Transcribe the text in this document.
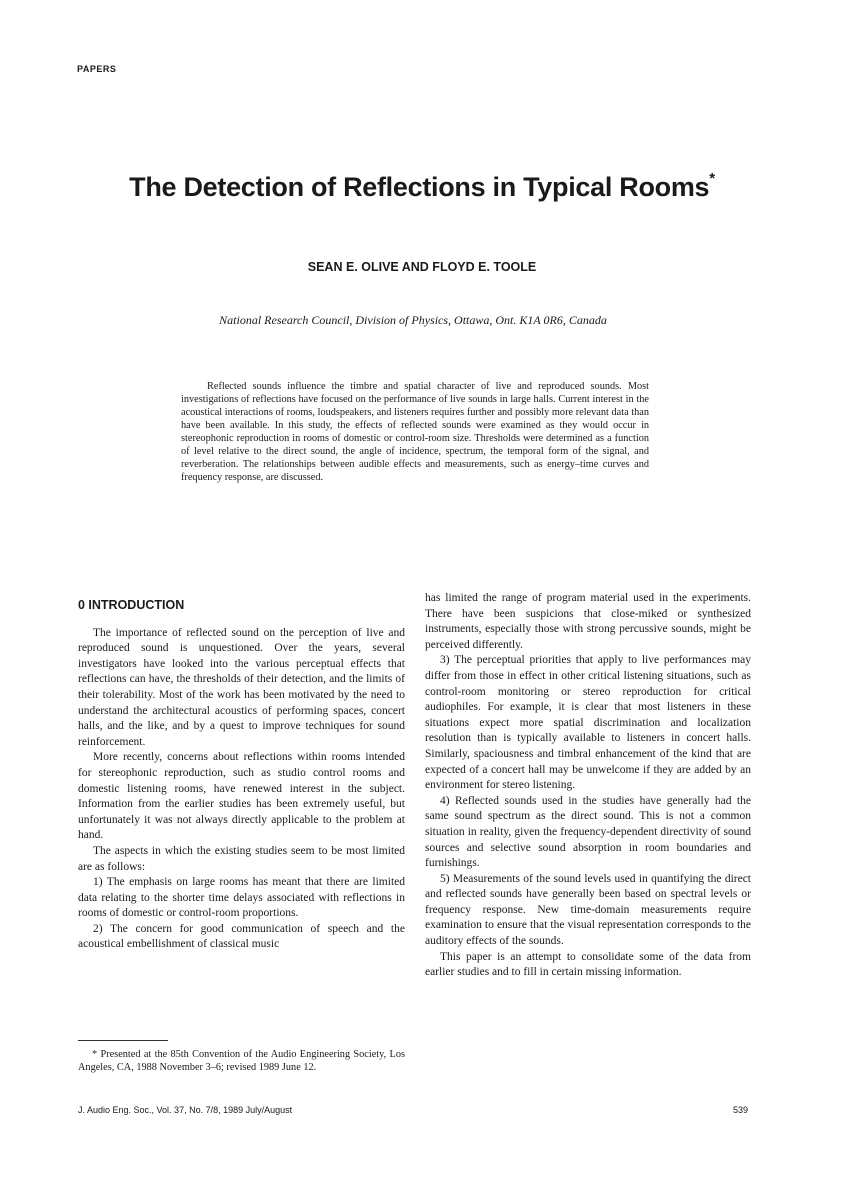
PAPERS
The Detection of Reflections in Typical Rooms*
SEAN E. OLIVE AND FLOYD E. TOOLE
National Research Council, Division of Physics, Ottawa, Ont. K1A 0R6, Canada

Reflected sounds influence the timbre and spatial character of live and reproduced sounds. Most investigations of reflections have focused on the performance of live sounds in large halls. Current interest in the acoustical interactions of rooms, loudspeakers, and listeners requires further and possibly more relevant data than have been available. In this study, the effects of reflected sounds were examined as they would occur in stereophonic reproduction in rooms of domestic or control-room size. Thresholds were determined as a function of level relative to the direct sound, the angle of incidence, spectrum, the temporal form of the signal, and reverberation. The relationships between audible effects and measurements, such as energy–time curves and frequency response, are discussed.

0 INTRODUCTION

The importance of reflected sound on the perception of live and reproduced sound is unquestioned. Over the years, several investigators have looked into the various perceptual effects that reflections can have, the thresholds of their detection, and the limits of their tolerability. Most of the work has been motivated by the need to understand the architectural acoustics of performing spaces, concert halls, and the like, and by a quest to improve techniques for sound reinforcement.

More recently, concerns about reflections within rooms intended for stereophonic reproduction, such as studio control rooms and domestic listening rooms, have renewed interest in the subject. Information from the earlier studies has been extremely useful, but unfortunately it was not always directly applicable to the problem at hand.

The aspects in which the existing studies seem to be most limited are as follows:

1) The emphasis on large rooms has meant that there are limited data relating to the shorter time delays associated with reflections in rooms of domestic or control-room proportions.

2) The concern for good communication of speech and the acoustical embellishment of classical music

has limited the range of program material used in the experiments. There have been suspicions that close-miked or synthesized instruments, especially those with strong percussive sounds, might be perceived differently.

3) The perceptual priorities that apply to live performances may differ from those in effect in other critical listening situations, such as control-room monitoring or stereo reproduction for critical audiophiles. For example, it is clear that most listeners in these situations expect more spatial discrimination and localization resolution than is typically available to listeners in concert halls. Similarly, spaciousness and timbral enhancement of the kind that are expected of a concert hall may be unwelcome if they are added by an environment for stereo listening.

4) Reflected sounds used in the studies have generally had the same sound spectrum as the direct sound. This is not a common situation in reality, given the frequency-dependent directivity of sound sources and selective sound absorption in room boundaries and furnishings.

5) Measurements of the sound levels used in quantifying the direct and reflected sounds have generally been based on spectral levels or frequency response. New time-domain measurements require examination to ensure that the visual representation corresponds to the auditory effects of the sounds.

This paper is an attempt to consolidate some of the data from earlier studies and to fill in certain missing information.

* Presented at the 85th Convention of the Audio Engineering Society, Los Angeles, CA, 1988 November 3–6; revised 1989 June 12.

J. Audio Eng. Soc., Vol. 37, No. 7/8, 1989 July/August	539
